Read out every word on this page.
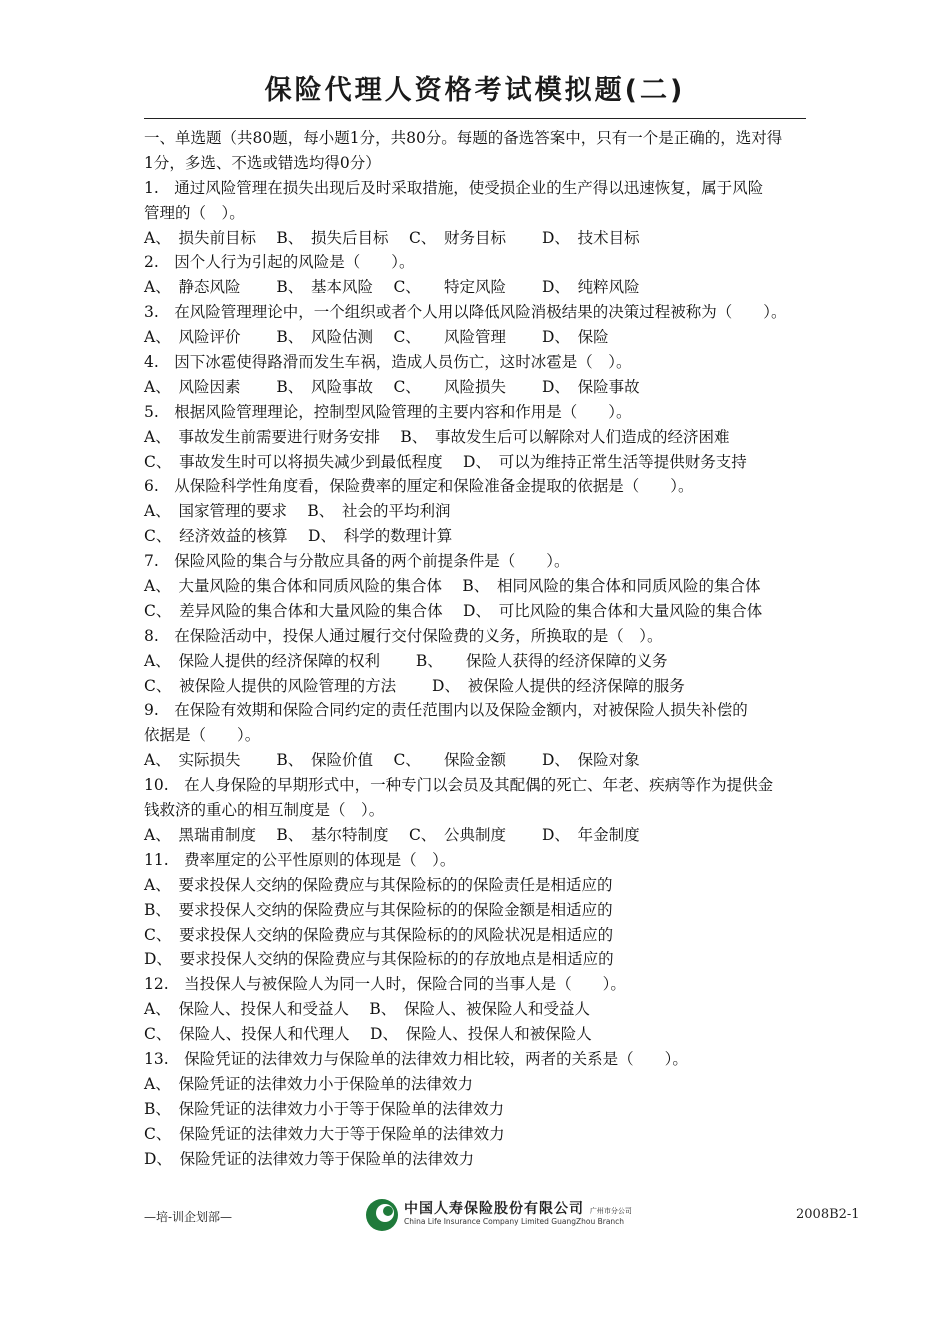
保险代理人资格考试模拟题(二)
一、单选题（共80题，每小题1分，共80分。每题的备选答案中，只有一个是正确的，选对得
1分，多选、不选或错选均得0分）
1.　通过风险管理在损失出现后及时采取措施，使受损企业的生产得以迅速恢复，属于风险
管理的（　）。
A、　损失前目标　 B、　损失后目标　 C、　财务目标　　 D、　技术目标
2.　因个人行为引起的风险是（　　）。
A、　静态风险　　 B、　基本风险　 C、　　特定风险　　 D、　纯粹风险
3.　在风险管理理论中，一个组织或者个人用以降低风险消极结果的决策过程被称为（　　）。
A、　风险评价　　 B、　风险估测　 C、　　风险管理　　 D、　保险
4.　因下冰雹使得路滑而发生车祸，造成人员伤亡，这时冰雹是（　）。
A、　风险因素　　 B、　风险事故　 C、　　风险损失　　 D、　保险事故
5.　根据风险管理理论，控制型风险管理的主要内容和作用是（　　）。
A、　事故发生前需要进行财务安排　 B、　事故发生后可以解除对人们造成的经济困难
C、　事故发生时可以将损失减少到最低程度　 D、　可以为维持正常生活等提供财务支持
6.　从保险科学性角度看，保险费率的厘定和保险准备金提取的依据是（　　）。
A、　国家管理的要求　 B、　社会的平均利润
C、　经济效益的核算　 D、　科学的数理计算
7.　保险风险的集合与分散应具备的两个前提条件是（　　）。
A、　大量风险的集合体和同质风险的集合体　 B、　相同风险的集合体和同质风险的集合体
C、　差异风险的集合体和大量风险的集合体　 D、　可比风险的集合体和大量风险的集合体
8.　在保险活动中，投保人通过履行交付保险费的义务，所换取的是（　）。
A、　保险人提供的经济保障的权利　　 B、　　保险人获得的经济保障的义务
C、　被保险人提供的风险管理的方法　　 D、　被保险人提供的经济保障的服务
9.　在保险有效期和保险合同约定的责任范围内以及保险金额内，对被保险人损失补偿的
依据是（　　）。
A、　实际损失　　 B、　保险价值　 C、　　保险金额　　 D、　保险对象
10.　在人身保险的早期形式中，一种专门以会员及其配偶的死亡、年老、疾病等作为提供金
钱救济的重心的相互制度是（　）。
A、　黑瑞甫制度　 B、　基尔特制度　 C、　公典制度　　 D、　年金制度
11.　费率厘定的公平性原则的体现是（　）。
A、　要求投保人交纳的保险费应与其保险标的的保险责任是相适应的
B、　要求投保人交纳的保险费应与其保险标的的保险金额是相适应的
C、　要求投保人交纳的保险费应与其保险标的的风险状况是相适应的
D、　要求投保人交纳的保险费应与其保险标的的存放地点是相适应的
12.　当投保人与被保险人为同一人时，保险合同的当事人是（　　）。
A、　保险人、投保人和受益人　 B、　保险人、被保险人和受益人
C、　保险人、投保人和代理人　 D、　保险人、投保人和被保险人
13.　保险凭证的法律效力与保险单的法律效力相比较，两者的关系是（　　）。
A、　保险凭证的法律效力小于保险单的法律效力
B、　保险凭证的法律效力小于等于保险单的法律效力
C、　保险凭证的法律效力大于等于保险单的法律效力
D、　保险凭证的法律效力等于保险单的法律效力
—培-训企划部—	中国人寿保险股份有限公司 广州市分公司
China Life Insurance Company Limited GuangZhou Branch	2008B2-1
